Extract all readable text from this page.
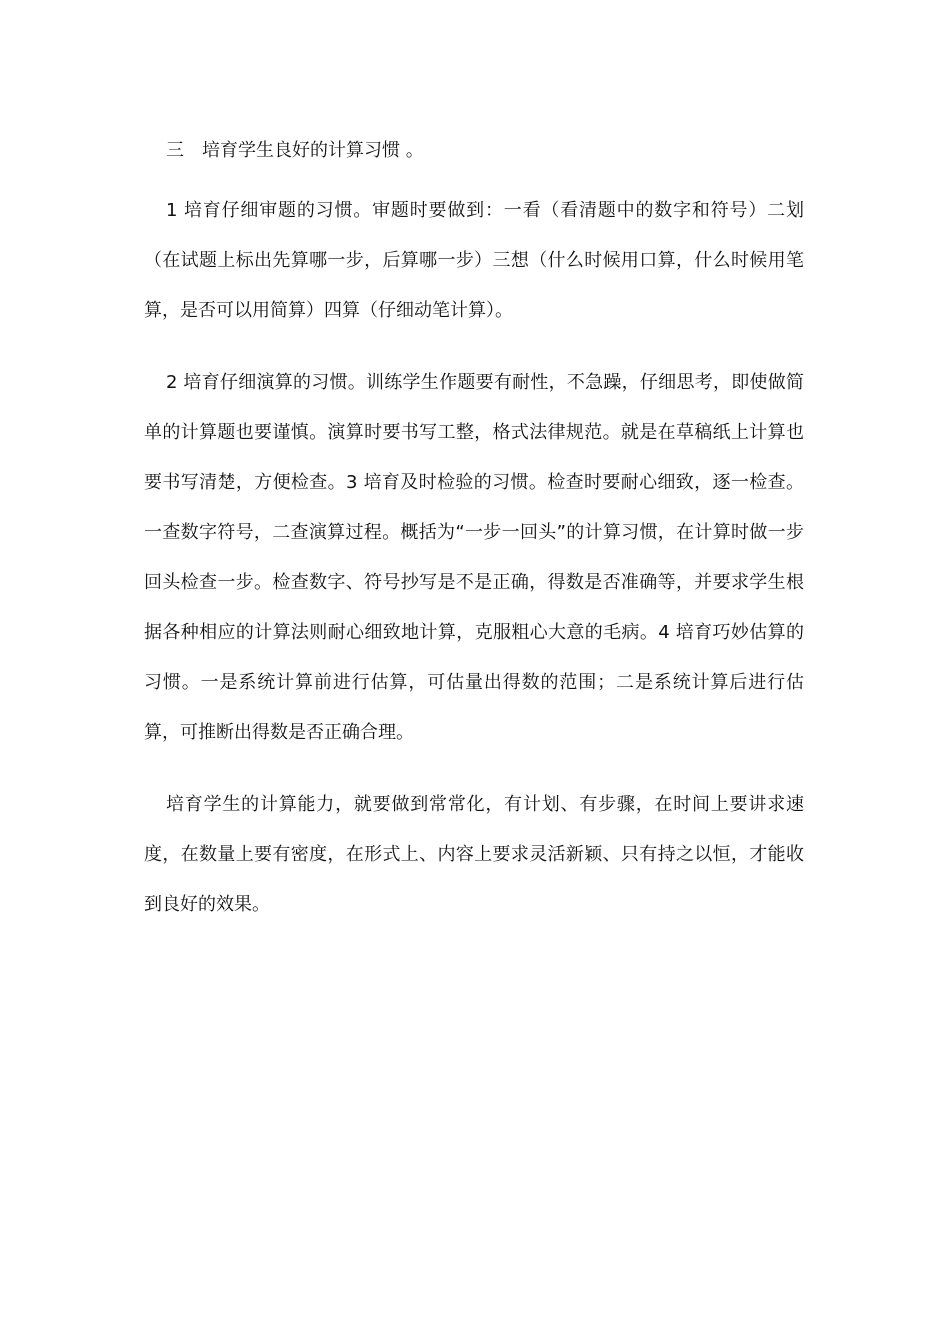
三 培育学生良好的计算习惯 。

1 培育仔细审题的习惯。审题时要做到：一看（看清题中的数字和符号）二划（在试题上标出先算哪一步，后算哪一步）三想（什么时候用口算，什么时候用笔算，是否可以用简算）四算（仔细动笔计算）。

2 培育仔细演算的习惯。训练学生作题要有耐性，不急躁，仔细思考，即使做简单的计算题也要谨慎。演算时要书写工整，格式法律规范。就是在草稿纸上计算也要书写清楚，方便检查。3 培育及时检验的习惯。检查时要耐心细致，逐一检查。一查数字符号，二查演算过程。概括为“一步一回头”的计算习惯，在计算时做一步回头检查一步。检查数字、符号抄写是不是正确，得数是否准确等，并要求学生根据各种相应的计算法则耐心细致地计算，克服粗心大意的毛病。4 培育巧妙估算的习惯。一是系统计算前进行估算，可估量出得数的范围；二是系统计算后进行估算，可推断出得数是否正确合理。

培育学生的计算能力，就要做到常常化，有计划、有步骤，在时间上要讲求速度，在数量上要有密度，在形式上、内容上要求灵活新颖、只有持之以恒，才能收到良好的效果。
